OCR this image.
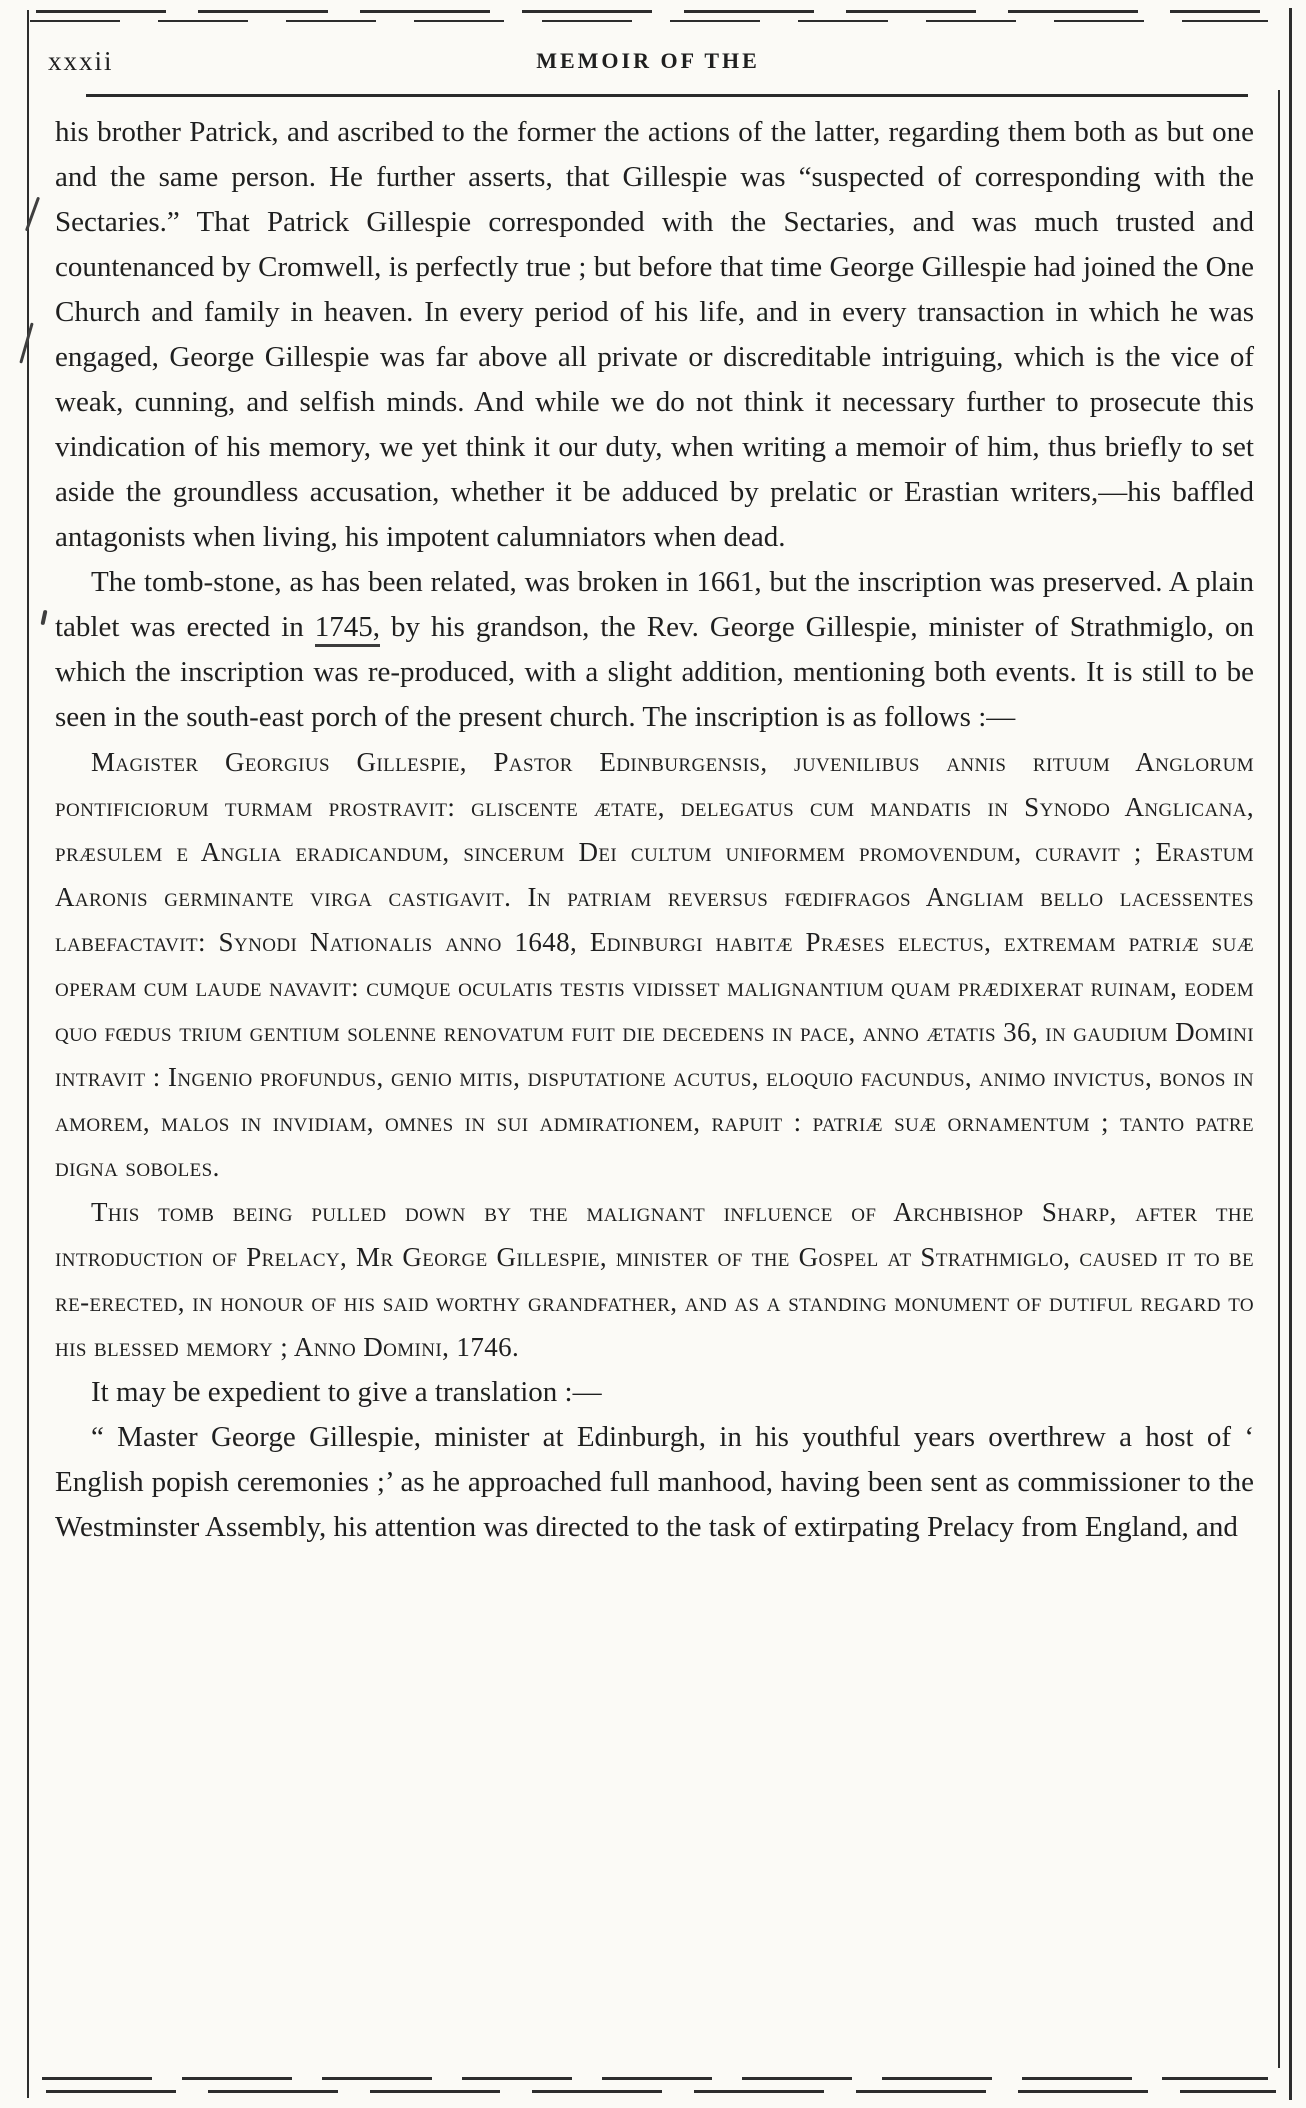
xxxii	MEMOIR OF THE

his brother Patrick, and ascribed to the former the actions of the latter, regarding them both as but one and the same person. He further asserts, that Gillespie was “suspected of corresponding with the Sectaries.” That Patrick Gillespie corresponded with the Sectaries, and was much trusted and countenanced by Cromwell, is perfectly true ; but before that time George Gillespie had joined the One Church and family in heaven. In every period of his life, and in every transaction in which he was engaged, George Gillespie was far above all private or discreditable intriguing, which is the vice of weak, cunning, and selfish minds. And while we do not think it necessary further to prosecute this vindication of his memory, we yet think it our duty, when writing a memoir of him, thus briefly to set aside the groundless accusation, whether it be adduced by prelatic or Erastian writers,—his baffled antagonists when living, his impotent calumniators when dead.

The tomb-stone, as has been related, was broken in 1661, but the inscription was preserved. A plain tablet was erected in 1745, by his grandson, the Rev. George Gillespie, minister of Strathmiglo, on which the inscription was re-produced, with a slight addition, mentioning both events. It is still to be seen in the south-east porch of the present church. The inscription is as follows :—

Magister Georgius Gillespie, Pastor Edinburgensis, juvenilibus annis rituum Anglorum pontificiorum turmam prostravit: gliscente ætate, delegatus cum mandatis in Synodo Anglicana, præsulem e Anglia eradicandum, sincerum Dei cultum uniformem promovendum, curavit ; Erastum Aaronis germinante virga castigavit. In patriam reversus fœdifragos Angliam bello lacessentes labefactavit: Synodi Nationalis anno 1648, Edinburgi habitæ Præses electus, extremam patriæ suæ operam cum laude navavit: cumque oculatis testis vidisset malignantium quam prædixerat ruinam, eodem quo fœdus trium gentium solenne renovatum fuit die decedens in pace, anno ætatis 36, in gaudium Domini intravit : Ingenio profundus, genio mitis, disputatione acutus, eloquio facundus, animo invictus, bonos in amorem, malos in invidiam, omnes in sui admirationem, rapuit : patriæ suæ ornamentum ; tanto patre digna soboles.

This tomb being pulled down by the malignant influence of Archbishop Sharp, after the introduction of Prelacy, Mr George Gillespie, minister of the Gospel at Strathmiglo, caused it to be re-erected, in honour of his said worthy grandfather, and as a standing monument of dutiful regard to his blessed memory ; Anno Domini, 1746.

It may be expedient to give a translation :—

“ Master George Gillespie, minister at Edinburgh, in his youthful years overthrew a host of ‘ English popish ceremonies ;’ as he approached full manhood, having been sent as commissioner to the Westminster Assembly, his attention was directed to the task of extirpating Prelacy from England, and
